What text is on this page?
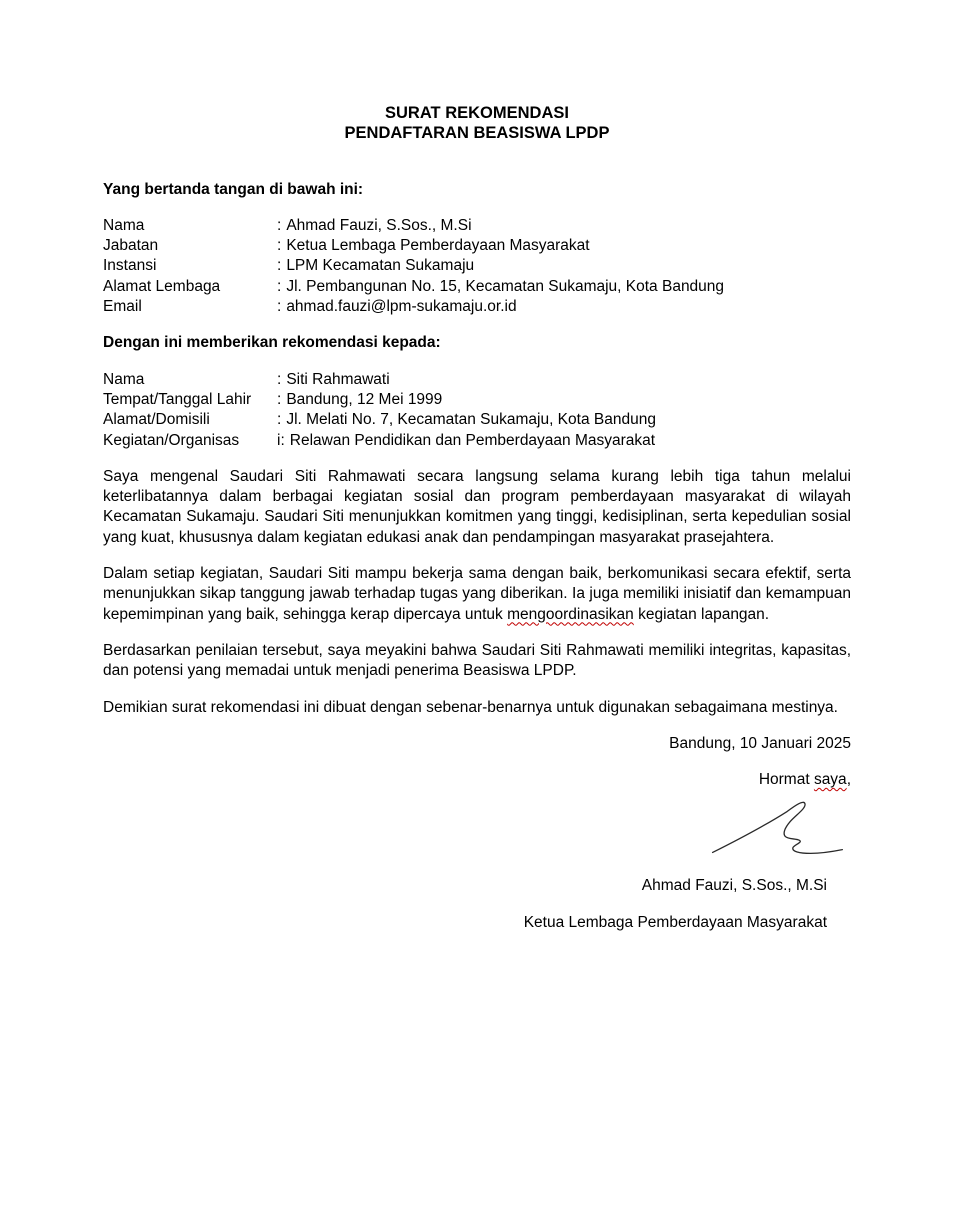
SURAT REKOMENDASI
PENDAFTARAN BEASISWA LPDP
Yang bertanda tangan di bawah ini:
Nama	: Ahmad Fauzi, S.Sos., M.Si
Jabatan	: Ketua Lembaga Pemberdayaan Masyarakat
Instansi	: LPM Kecamatan Sukamaju
Alamat Lembaga	: Jl. Pembangunan No. 15, Kecamatan Sukamaju, Kota Bandung
Email	: ahmad.fauzi@lpm-sukamaju.or.id
Dengan ini memberikan rekomendasi kepada:
Nama	: Siti Rahmawati
Tempat/Tanggal Lahir	: Bandung, 12 Mei 1999
Alamat/Domisili	: Jl. Melati No. 7, Kecamatan Sukamaju, Kota Bandung
Kegiatan/Organisas	i: Relawan Pendidikan dan Pemberdayaan Masyarakat

Saya mengenal Saudari Siti Rahmawati secara langsung selama kurang lebih tiga tahun melalui keterlibatannya dalam berbagai kegiatan sosial dan program pemberdayaan masyarakat di wilayah Kecamatan Sukamaju. Saudari Siti menunjukkan komitmen yang tinggi, kedisiplinan, serta kepedulian sosial yang kuat, khususnya dalam kegiatan edukasi anak dan pendampingan masyarakat prasejahtera.

Dalam setiap kegiatan, Saudari Siti mampu bekerja sama dengan baik, berkomunikasi secara efektif, serta menunjukkan sikap tanggung jawab terhadap tugas yang diberikan. Ia juga memiliki inisiatif dan kemampuan kepemimpinan yang baik, sehingga kerap dipercaya untuk mengoordinasikan kegiatan lapangan.

Berdasarkan penilaian tersebut, saya meyakini bahwa Saudari Siti Rahmawati memiliki integritas, kapasitas, dan potensi yang memadai untuk menjadi penerima Beasiswa LPDP.

Demikian surat rekomendasi ini dibuat dengan sebenar-benarnya untuk digunakan sebagaimana mestinya.

Bandung, 10 Januari 2025
Hormat saya,
Ahmad Fauzi, S.Sos., M.Si
Ketua Lembaga Pemberdayaan Masyarakat
